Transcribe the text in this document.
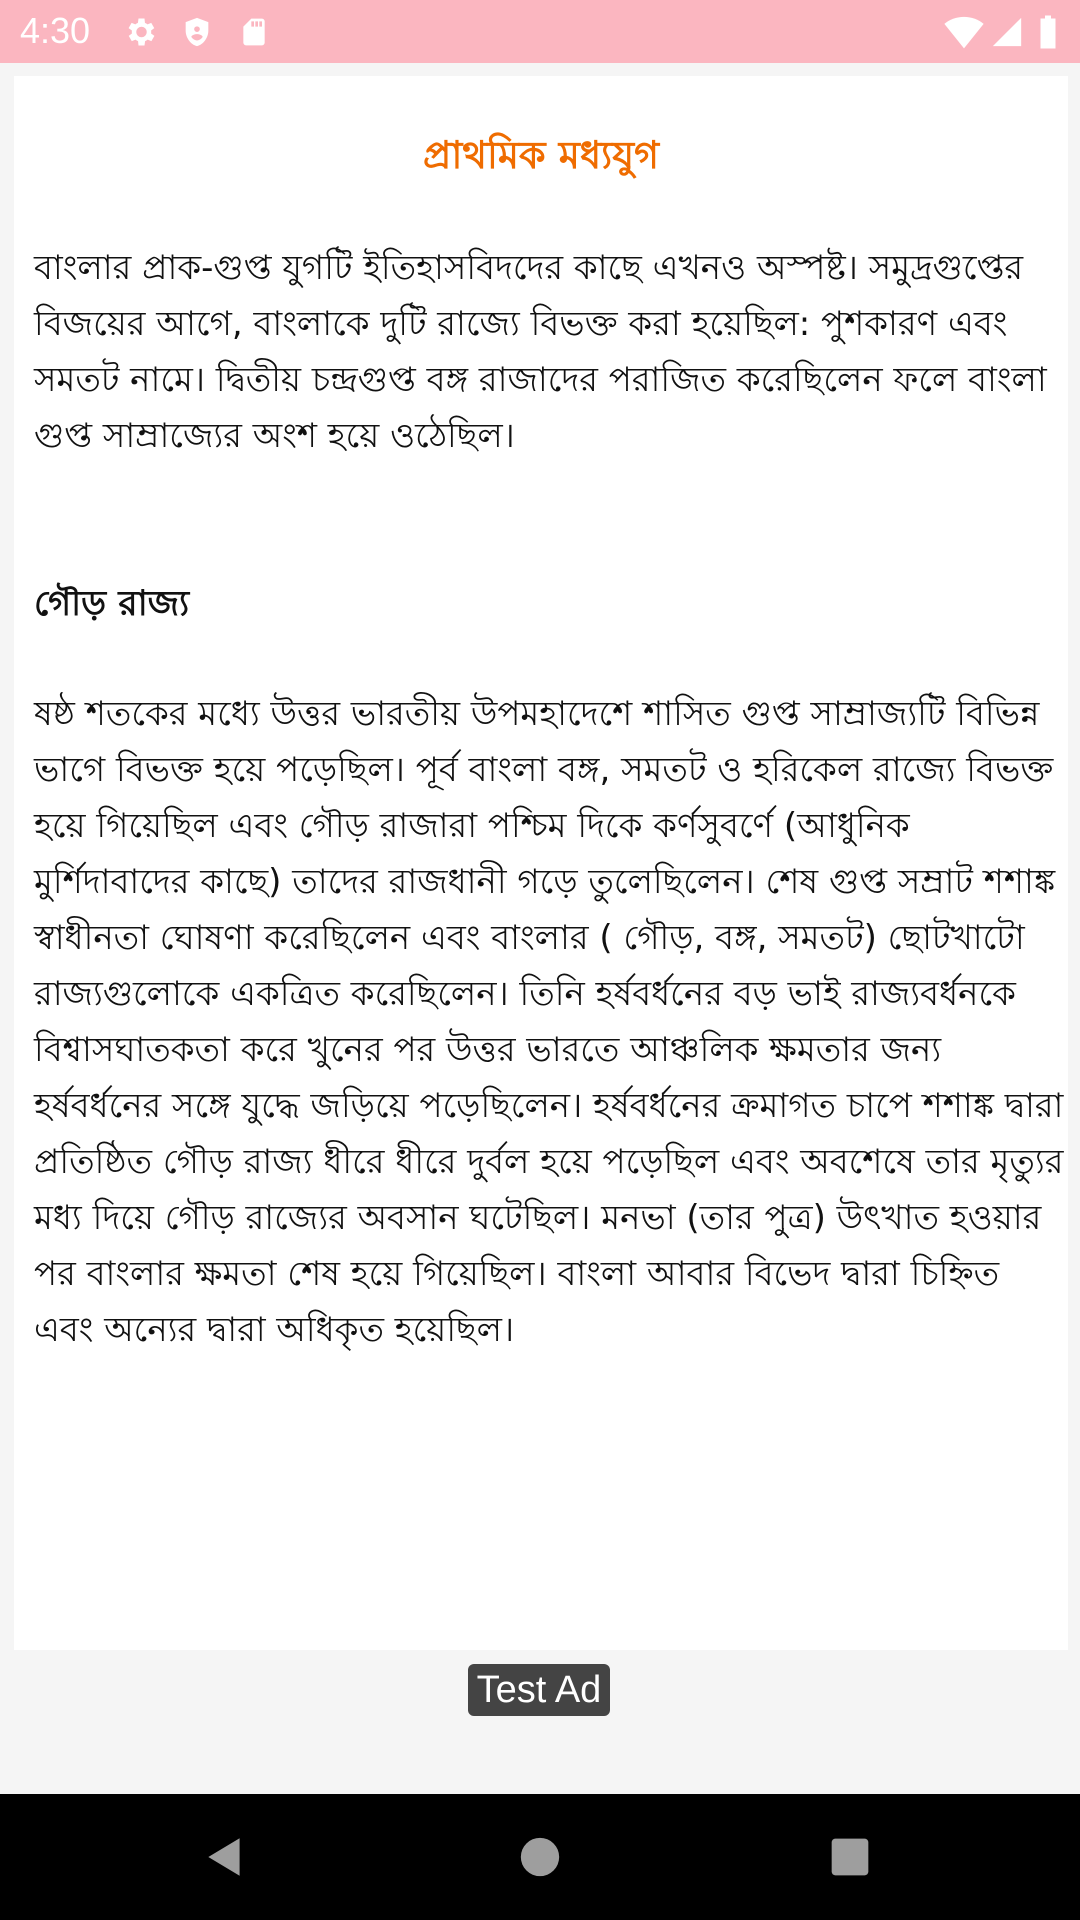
4:30
প্রাথমিক মধ্যযুগ

বাংলার প্রাক-গুপ্ত যুগটি ইতিহাসবিদদের কাছে এখনও অস্পষ্ট। সমুদ্রগুপ্তের বিজয়ের আগে, বাংলাকে দুটি রাজ্যে বিভক্ত করা হয়েছিল: পুশকারণ এবং সমতট নামে। দ্বিতীয় চন্দ্রগুপ্ত বঙ্গ রাজাদের পরাজিত করেছিলেন ফলে বাংলা গুপ্ত সাম্রাজ্যের অংশ হয়ে ওঠেছিল।

গৌড় রাজ্য

ষষ্ঠ শতকের মধ্যে উত্তর ভারতীয় উপমহাদেশে শাসিত গুপ্ত সাম্রাজ্যটি বিভিন্ন ভাগে বিভক্ত হয়ে পড়েছিল। পূর্ব বাংলা বঙ্গ, সমতট ও হরিকেল রাজ্যে বিভক্ত হয়ে গিয়েছিল এবং গৌড় রাজারা পশ্চিম দিকে কর্ণসুবর্ণে (আধুনিক মুর্শিদাবাদের কাছে) তাদের রাজধানী গড়ে তুলেছিলেন। শেষ গুপ্ত সম্রাট শশাঙ্ক স্বাধীনতা ঘোষণা করেছিলেন এবং বাংলার ( গৌড়, বঙ্গ, সমতট) ছোটখাটো রাজ্যগুলোকে একত্রিত করেছিলেন। তিনি হর্ষবর্ধনের বড় ভাই রাজ্যবর্ধনকে বিশ্বাসঘাতকতা করে খুনের পর উত্তর ভারতে আঞ্চলিক ক্ষমতার জন্য হর্ষবর্ধনের সঙ্গে যুদ্ধে জড়িয়ে পড়েছিলেন। হর্ষবর্ধনের ক্রমাগত চাপে শশাঙ্ক দ্বারা প্রতিষ্ঠিত গৌড় রাজ্য ধীরে ধীরে দুর্বল হয়ে পড়েছিল এবং অবশেষে তার মৃত্যুর মধ্য দিয়ে গৌড় রাজ্যের অবসান ঘটেছিল। মনভা (তার পুত্র) উৎখাত হওয়ার পর বাংলার ক্ষমতা শেষ হয়ে গিয়েছিল। বাংলা আবার বিভেদ দ্বারা চিহ্নিত এবং অন্যের দ্বারা অধিকৃত হয়েছিল।

Test Ad
